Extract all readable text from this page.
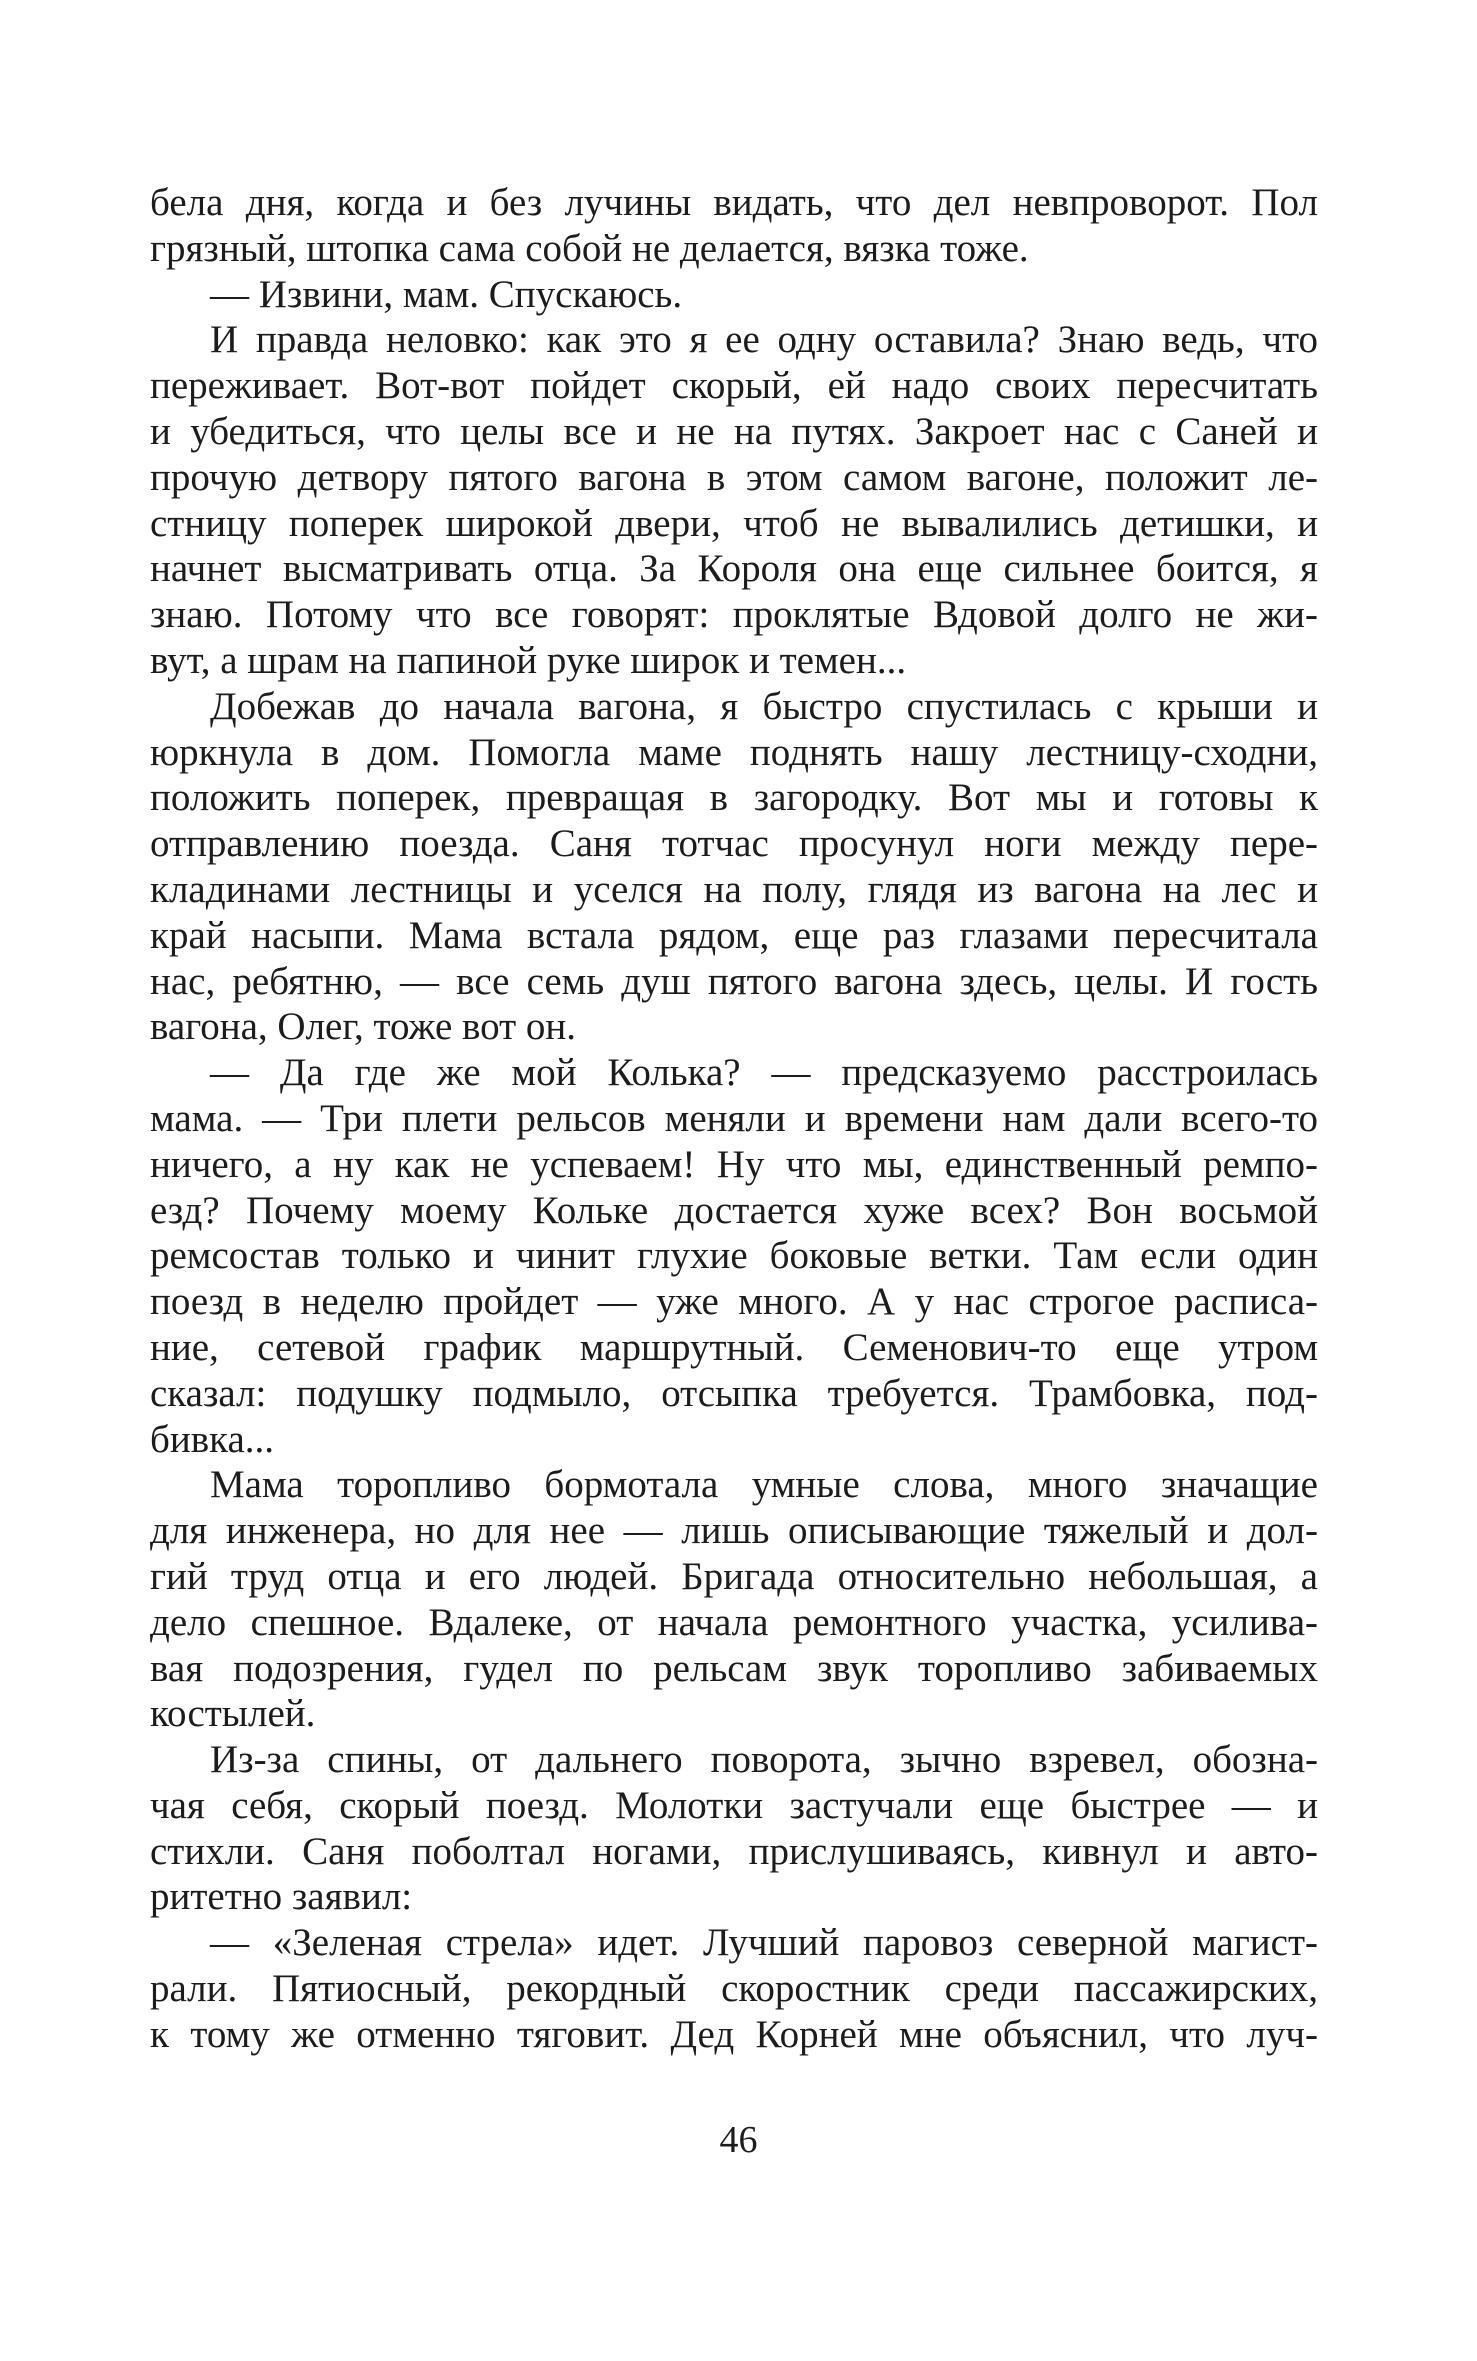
бела дня, когда и без лучины видать, что дел невпроворот. Пол
грязный, штопка сама собой не делается, вязка тоже.
— Извини, мам. Спускаюсь.
И правда неловко: как это я ее одну оставила? Знаю ведь, что
переживает. Вот-вот пойдет скорый, ей надо своих пересчитать
и убедиться, что целы все и не на путях. Закроет нас с Саней и
прочую детвору пятого вагона в этом самом вагоне, положит ле-
стницу поперек широкой двери, чтоб не вывалились детишки, и
начнет высматривать отца. За Короля она еще сильнее боится, я
знаю. Потому что все говорят: проклятые Вдовой долго не жи-
вут, а шрам на папиной руке широк и темен...
Добежав до начала вагона, я быстро спустилась с крыши и
юркнула в дом. Помогла маме поднять нашу лестницу-сходни,
положить поперек, превращая в загородку. Вот мы и готовы к
отправлению поезда. Саня тотчас просунул ноги между пере-
кладинами лестницы и уселся на полу, глядя из вагона на лес и
край насыпи. Мама встала рядом, еще раз глазами пересчитала
нас, ребятню, — все семь душ пятого вагона здесь, целы. И гость
вагона, Олег, тоже вот он.
— Да где же мой Колька? — предсказуемо расстроилась
мама. — Три плети рельсов меняли и времени нам дали всего-то
ничего, а ну как не успеваем! Ну что мы, единственный ремпо-
езд? Почему моему Кольке достается хуже всех? Вон восьмой
ремсостав только и чинит глухие боковые ветки. Там если один
поезд в неделю пройдет — уже много. А у нас строгое расписа-
ние, сетевой график маршрутный. Семенович-то еще утром
сказал: подушку подмыло, отсыпка требуется. Трамбовка, под-
бивка...
Мама торопливо бормотала умные слова, много значащие
для инженера, но для нее — лишь описывающие тяжелый и дол-
гий труд отца и его людей. Бригада относительно небольшая, а
дело спешное. Вдалеке, от начала ремонтного участка, усилива-
вая подозрения, гудел по рельсам звук торопливо забиваемых
костылей.
Из-за спины, от дальнего поворота, зычно взревел, обозна-
чая себя, скорый поезд. Молотки застучали еще быстрее — и
стихли. Саня поболтал ногами, прислушиваясь, кивнул и авто-
ритетно заявил:
— «Зеленая стрела» идет. Лучший паровоз северной магист-
рали. Пятиосный, рекордный скоростник среди пассажирских,
к тому же отменно тяговит. Дед Корней мне объяснил, что луч-
46
